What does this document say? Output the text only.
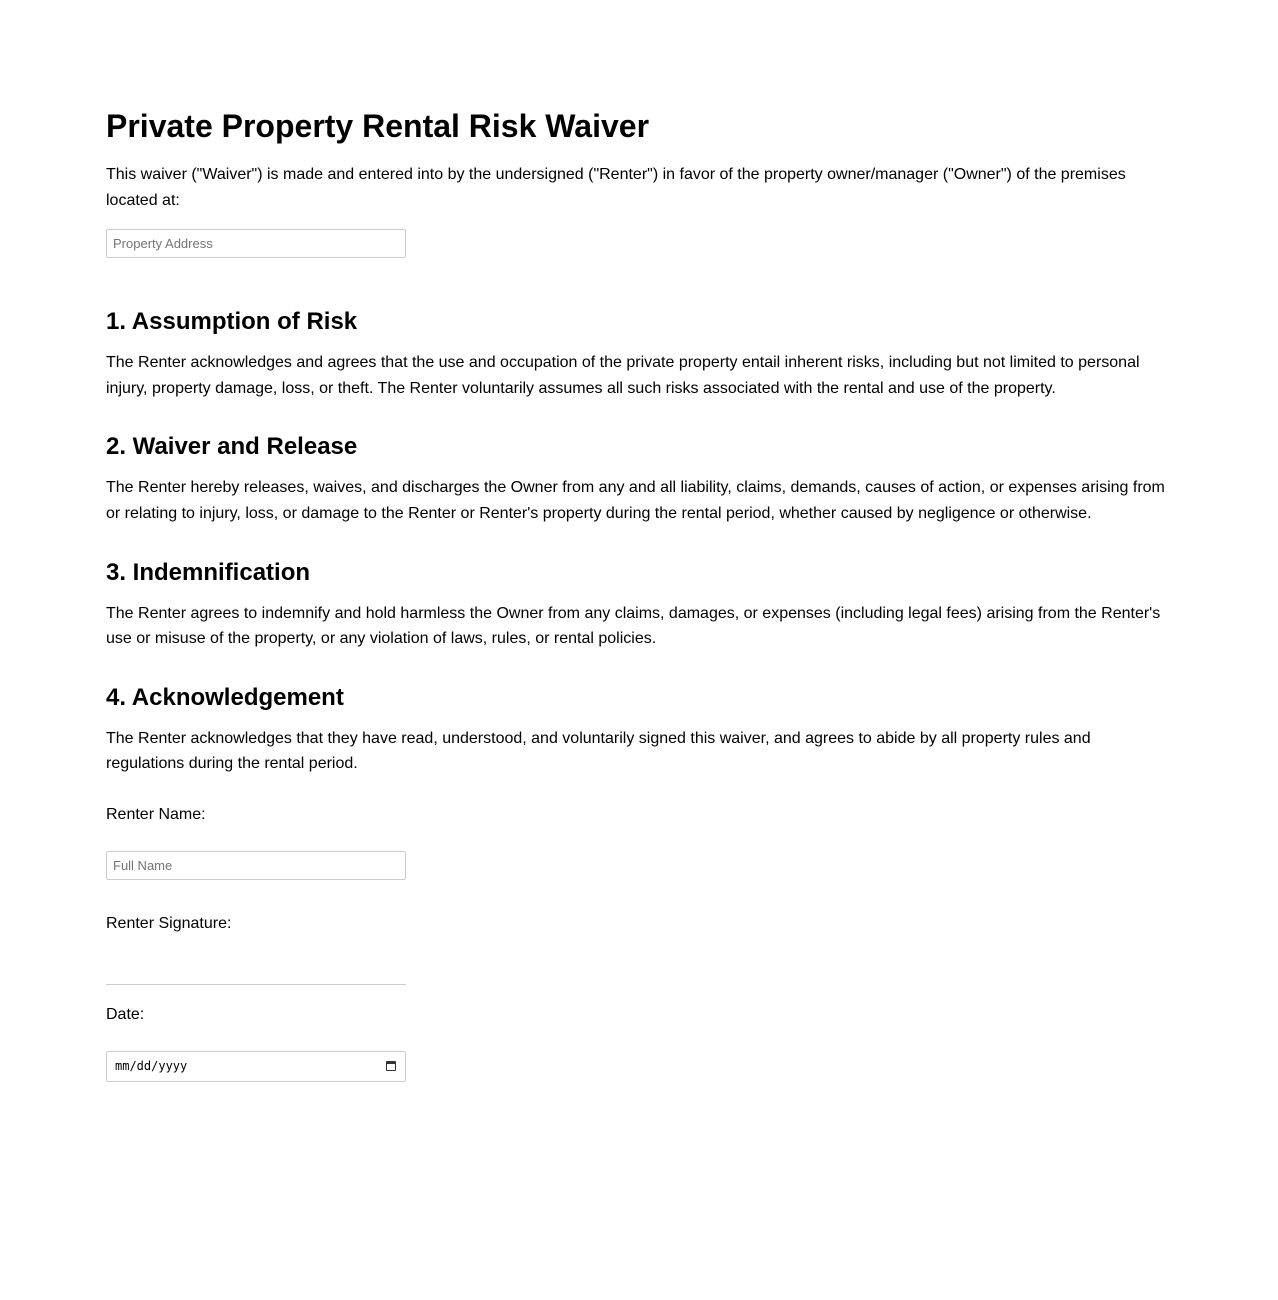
Private Property Rental Risk Waiver

This waiver ("Waiver") is made and entered into by the undersigned ("Renter") in favor of the property owner/manager ("Owner") of the premises located at:

Property Address
1. Assumption of Risk

The Renter acknowledges and agrees that the use and occupation of the private property entail inherent risks, including but not limited to personal injury, property damage, loss, or theft. The Renter voluntarily assumes all such risks associated with the rental and use of the property.

2. Waiver and Release

The Renter hereby releases, waives, and discharges the Owner from any and all liability, claims, demands, causes of action, or expenses arising from or relating to injury, loss, or damage to the Renter or Renter's property during the rental period, whether caused by negligence or otherwise.

3. Indemnification

The Renter agrees to indemnify and hold harmless the Owner from any claims, damages, or expenses (including legal fees) arising from the Renter's use or misuse of the property, or any violation of laws, rules, or rental policies.

4. Acknowledgement

The Renter acknowledges that they have read, understood, and voluntarily signed this waiver, and agrees to abide by all property rules and regulations during the rental period.

Renter Name:
Full Name
Renter Signature:
Date:
mm/dd/yyyy
